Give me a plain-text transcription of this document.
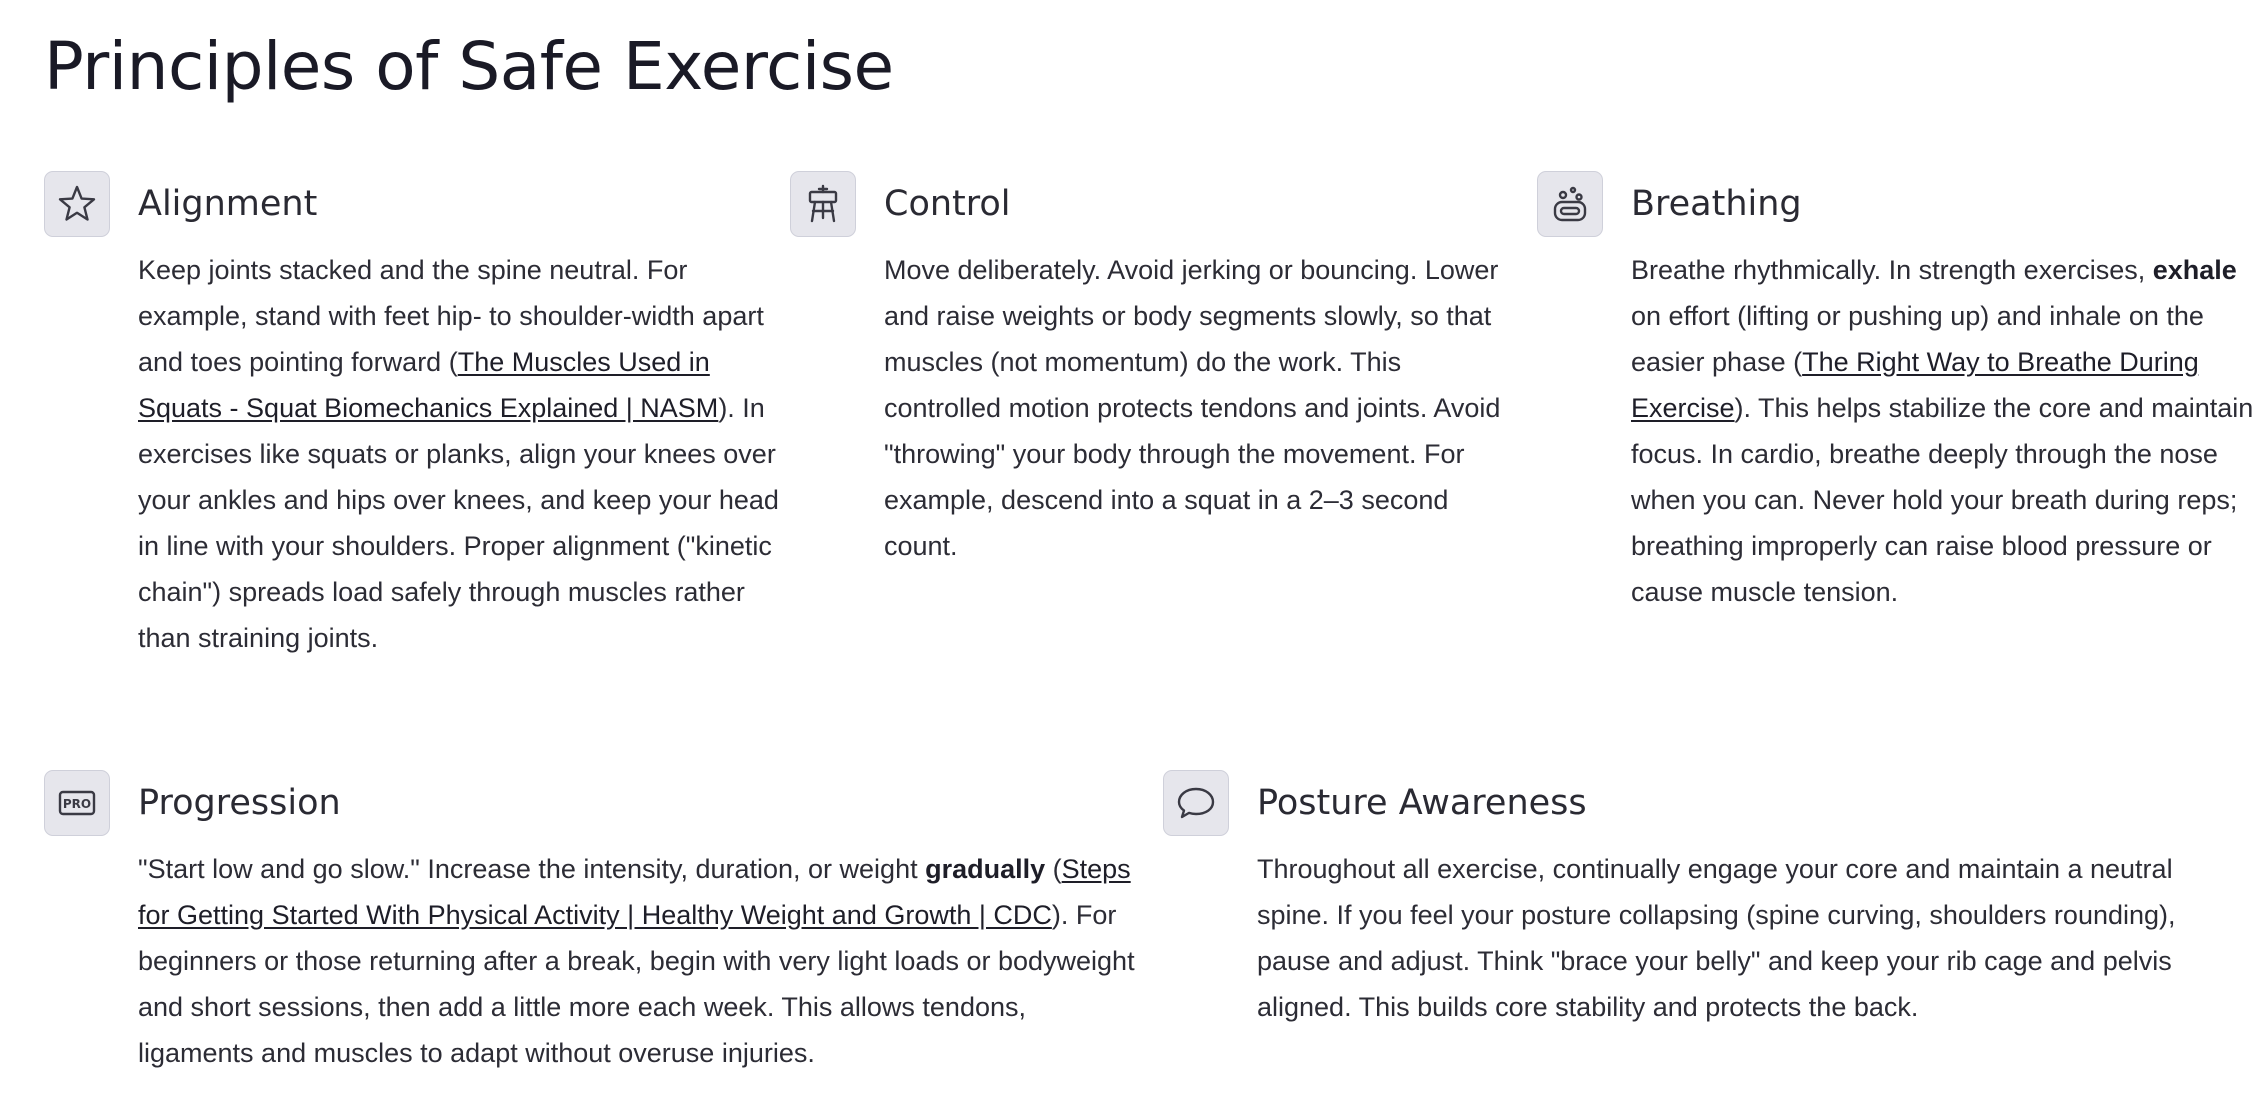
Principles of Safe Exercise
Alignment

Keep joints stacked and the spine neutral. For example, stand with feet hip- to shoulder-width apart and toes pointing forward (The Muscles Used in Squats - Squat Biomechanics Explained | NASM). In exercises like squats or planks, align your knees over your ankles and hips over knees, and keep your head in line with your shoulders. Proper alignment ("kinetic chain") spreads load safely through muscles rather than straining joints.

Control

Move deliberately. Avoid jerking or bouncing. Lower and raise weights or body segments slowly, so that muscles (not momentum) do the work. This controlled motion protects tendons and joints. Avoid "throwing" your body through the movement. For example, descend into a squat in a 2–3 second count.

Breathing

Breathe rhythmically. In strength exercises, exhale on effort (lifting or pushing up) and inhale on the easier phase (The Right Way to Breathe During Exercise). This helps stabilize the core and maintain focus. In cardio, breathe deeply through the nose when you can. Never hold your breath during reps; breathing improperly can raise blood pressure or cause muscle tension.

PRO Progression

"Start low and go slow." Increase the intensity, duration, or weight gradually (Steps for Getting Started With Physical Activity | Healthy Weight and Growth | CDC). For beginners or those returning after a break, begin with very light loads or bodyweight and short sessions, then add a little more each week. This allows tendons, ligaments and muscles to adapt without overuse injuries.

Posture Awareness

Throughout all exercise, continually engage your core and maintain a neutral spine. If you feel your posture collapsing (spine curving, shoulders rounding), pause and adjust. Think "brace your belly" and keep your rib cage and pelvis aligned. This builds core stability and protects the back.
